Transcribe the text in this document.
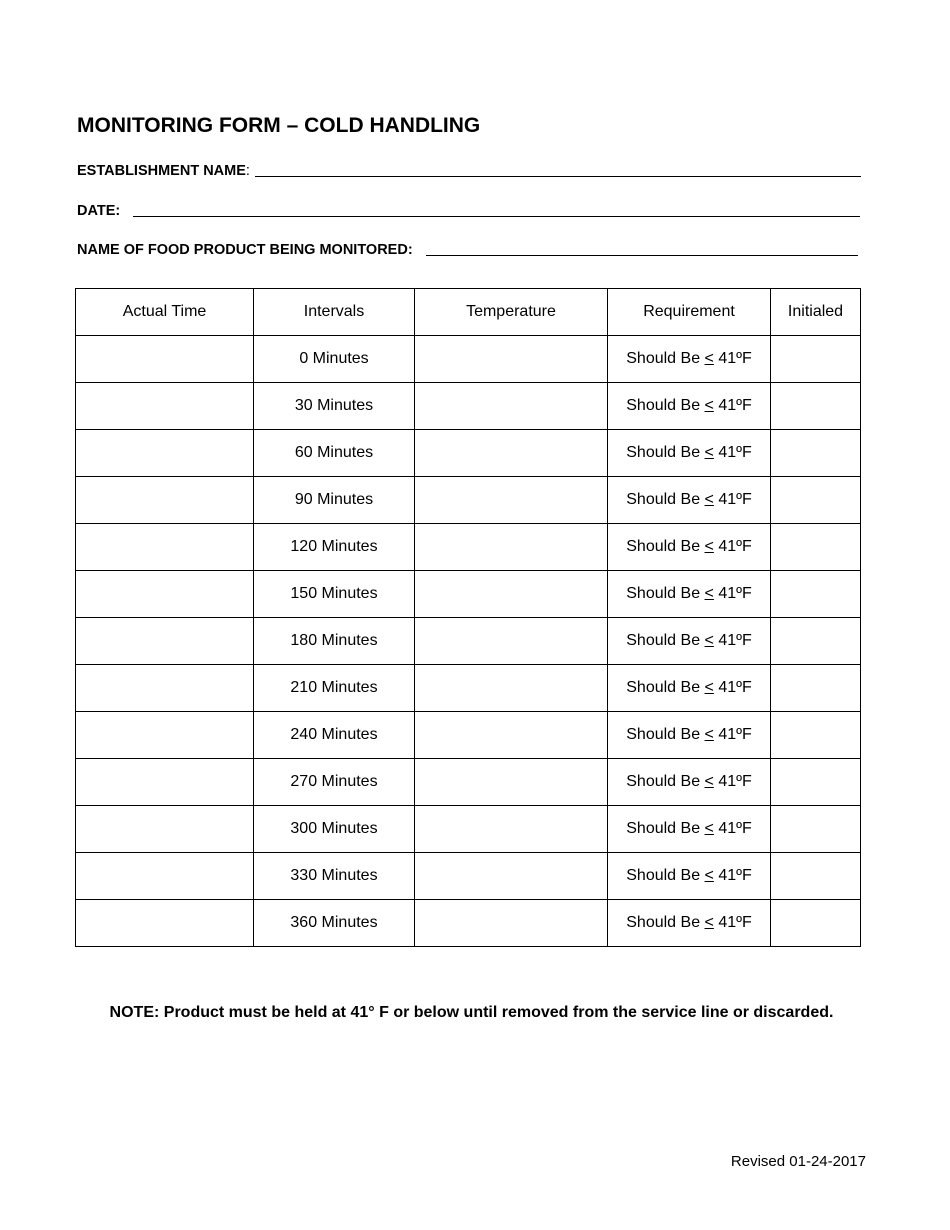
MONITORING FORM – COLD HANDLING
ESTABLISHMENT NAME:
DATE:
NAME OF FOOD PRODUCT BEING MONITORED:
Actual Time	Intervals	Temperature	Requirement	Initialed
	0 Minutes		Should Be ≤ 41ºF	
	30 Minutes		Should Be ≤ 41ºF	
	60 Minutes		Should Be ≤ 41ºF	
	90 Minutes		Should Be ≤ 41ºF	
	120 Minutes		Should Be ≤ 41ºF	
	150 Minutes		Should Be ≤ 41ºF	
	180 Minutes		Should Be ≤ 41ºF	
	210 Minutes		Should Be ≤ 41ºF	
	240 Minutes		Should Be ≤ 41ºF	
	270 Minutes		Should Be ≤ 41ºF	
	300 Minutes		Should Be ≤ 41ºF	
	330 Minutes		Should Be ≤ 41ºF	
	360 Minutes		Should Be ≤ 41ºF	
NOTE: Product must be held at 41° F or below until removed from the service line or discarded.
Revised 01-24-2017
